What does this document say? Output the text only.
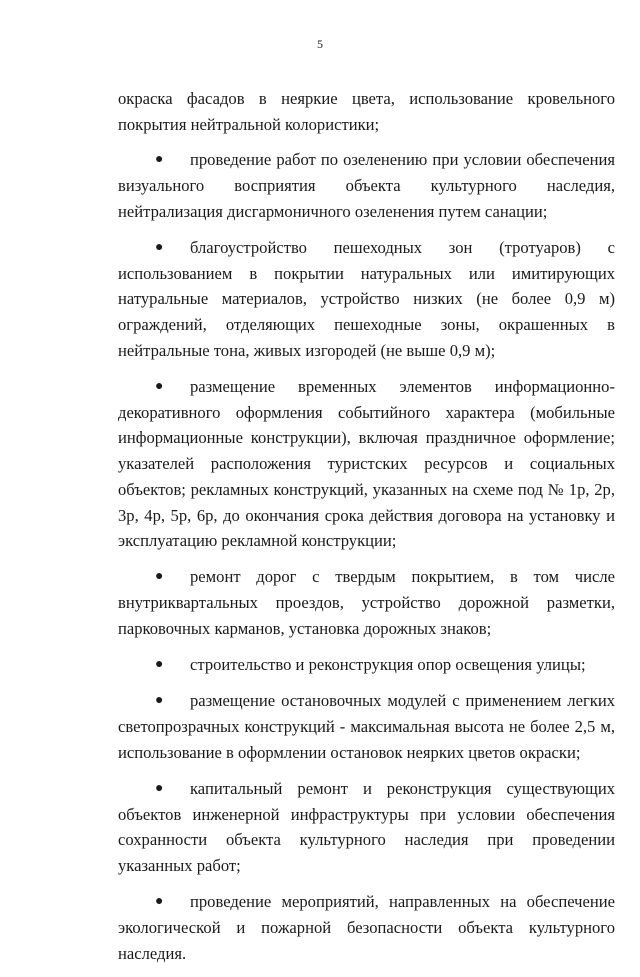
5

окраска фасадов в неяркие цвета, использование кровельного покрытия нейтральной колористики;

● проведение работ по озеленению при условии обеспечения визуального восприятия объекта культурного наследия, нейтрализация дисгармоничного озеленения путем санации;

● благоустройство пешеходных зон (тротуаров) с использованием в покрытии натуральных или имитирующих натуральные материалов, устройство низких (не более 0,9 м) ограждений, отделяющих пешеходные зоны, окрашенных в нейтральные тона, живых изгородей (не выше 0,9 м);

● размещение временных элементов информационно-декоративного оформления событийного характера (мобильные информационные конструкции), включая праздничное оформление; указателей расположения туристских ресурсов и социальных объектов; рекламных конструкций, указанных на схеме под № 1р, 2р, 3р, 4р, 5р, 6р, до окончания срока действия договора на установку и эксплуатацию рекламной конструкции;

● ремонт дорог с твердым покрытием, в том числе внутриквартальных проездов, устройство дорожной разметки, парковочных карманов, установка дорожных знаков;

● строительство и реконструкция опор освещения улицы;

● размещение остановочных модулей с применением легких светопрозрачных конструкций - максимальная высота не более 2,5 м, использование в оформлении остановок неярких цветов окраски;

● капитальный ремонт и реконструкция существующих объектов инженерной инфраструктуры при условии обеспечения сохранности объекта культурного наследия при проведении указанных работ;

● проведение мероприятий, направленных на обеспечение экологической и пожарной безопасности объекта культурного наследия.
